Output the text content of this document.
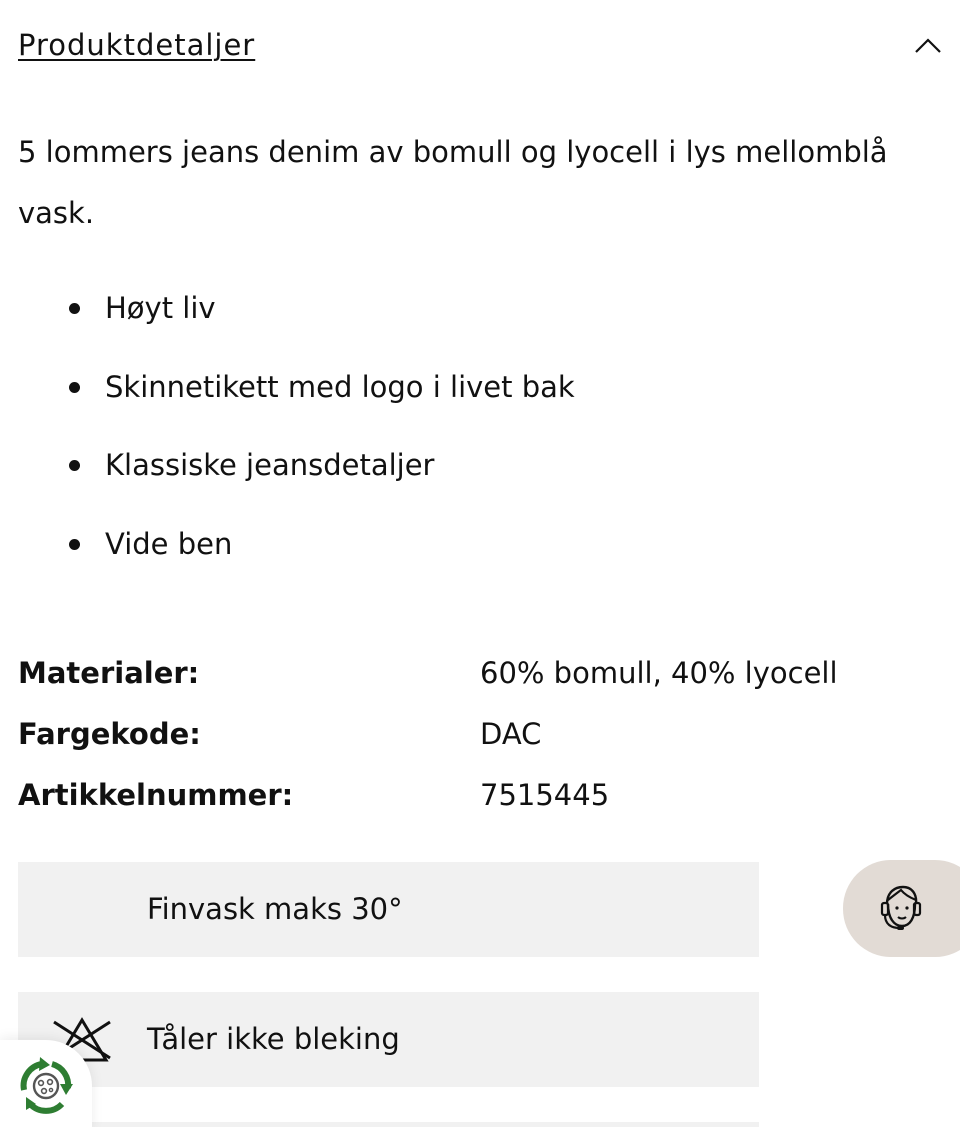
Produktdetaljer

5 lommers jeans denim av bomull og lyocell i lys mellomblå vask.

Høyt liv
Skinnetikett med logo i livet bak
Klassiske jeansdetaljer
Vide ben
Materialer:	60% bomull, 40% lyocell
Fargekode:	DAC
Artikkelnummer:	7515445
Finvask maks 30°
Tåler ikke bleking
